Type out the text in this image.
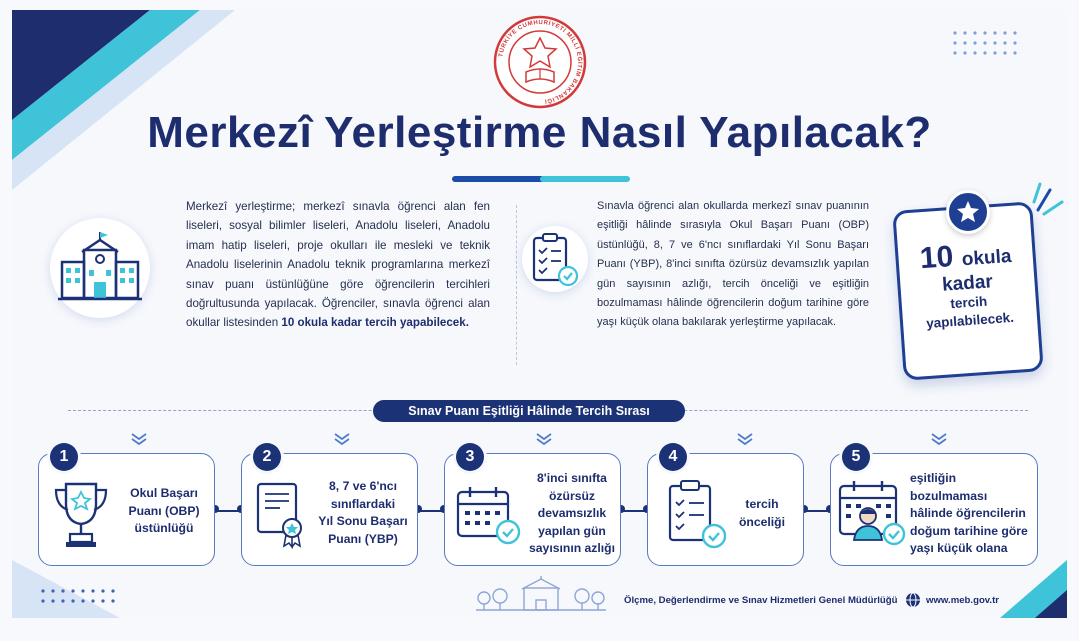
TÜRKİYE CUMHURİYETİ MİLLÎ EĞİTİM BAKANLIĞI
Merkezî Yerleştirme Nasıl Yapılacak?
Merkezî yerleştirme; merkezî sınavla öğrenci alan fen liseleri, sosyal bilimler liseleri, Anadolu liseleri, Anadolu imam hatip liseleri, proje okulları ile mesleki ve teknik Anadolu liselerinin Anadolu teknik programlarına merkezî sınav puanı üstünlüğüne göre öğrencilerin tercihleri doğrultusunda yapılacak. Öğrenciler, sınavla öğrenci alan okullar listesinden 10 okula kadar tercih yapabilecek.
Sınavla öğrenci alan okullarda merkezî sınav puanının eşitliği hâlinde sırasıyla Okul Başarı Puanı (OBP) üstünlüğü, 8, 7 ve 6'ncı sınıflardaki Yıl Sonu Başarı Puanı (YBP), 8'inci sınıfta özürsüz devamsızlık yapılan gün sayısının azlığı, tercih önceliği ve eşitliğin bozulmaması hâlinde öğrencilerin doğum tarihine göre yaşı küçük olana bakılarak yerleştirme yapılacak.
10 okula
kadar
tercih
yapılabilecek.
Sınav Puanı Eşitliği Hâlinde Tercih Sırası
1
Okul Başarı
Puanı (OBP)
üstünlüğü
2
8, 7 ve 6'ncı
sınıflardaki
Yıl Sonu Başarı
Puanı (YBP)
3
8'inci sınıfta
özürsüz
devamsızlık
yapılan gün
sayısının azlığı
4
tercih
önceliği
5
eşitliğin
bozulmaması
hâlinde öğrencilerin
doğum tarihine göre
yaşı küçük olana
Ölçme, Değerlendirme ve Sınav Hizmetleri Genel Müdürlüğü	www.meb.gov.tr
